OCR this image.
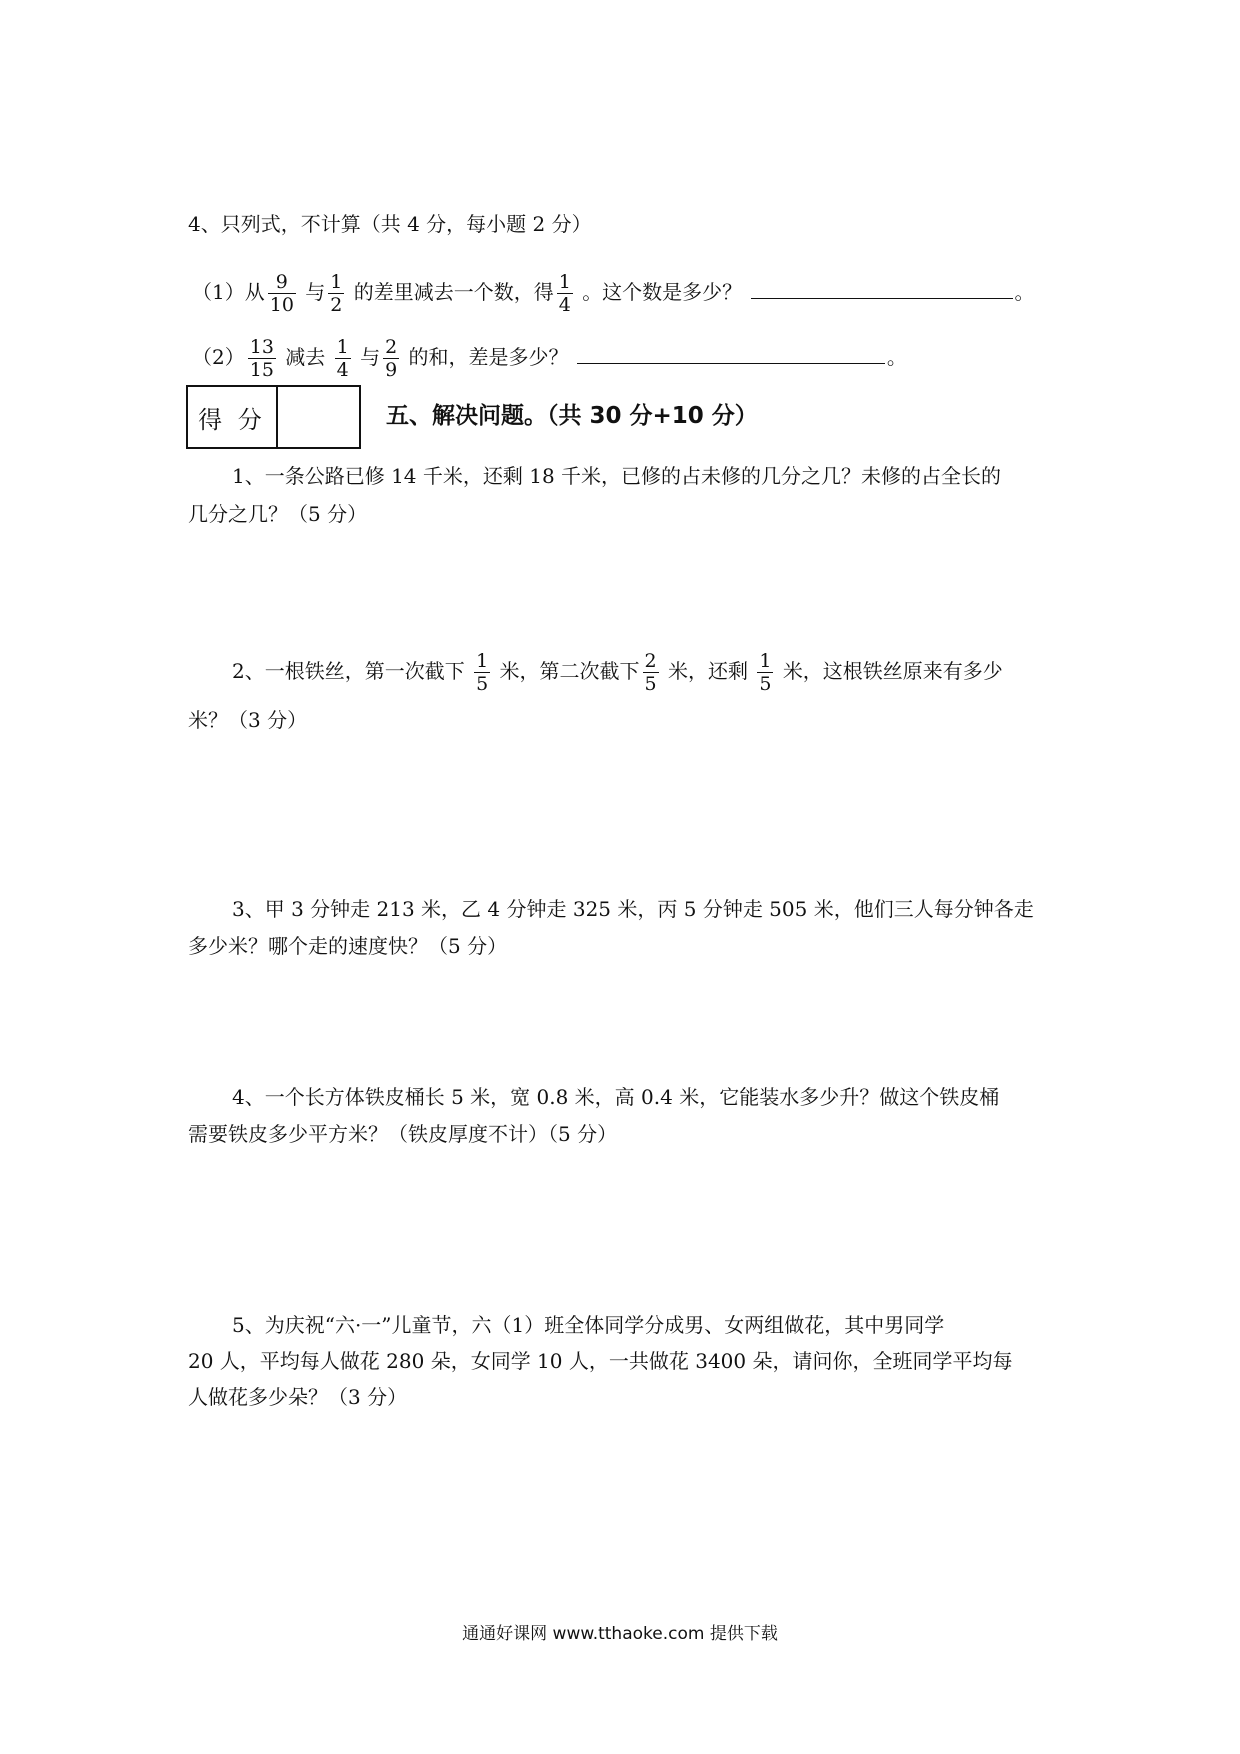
4、只列式，不计算（共 4 分，每小题 2 分）
（1）从 $\frac{9}{10}$ 与 $\frac{1}{2}$ 的差里减去一个数，得 $\frac{1}{4}$ 。这个数是多少？	。
$(2) \frac{13}{15}$ 减去 $\frac{1}{4}$ 与 $\frac{2}{9}$ 的和，差是多少？	。
得 分	五、解决问题。（共 30 分+10 分）
1、一条公路已修 14 千米，还剩 18 千米，已修的占未修的几分之几？未修的占全长的
几分之几？（5 分）
2、一根铁丝，第一次截下 $\frac{1}{5}$ 米，第二次截下 $\frac{2}{5}$ 米，还剩 $\frac{1}{5}$ 米，这根铁丝原来有多少
米？（3 分）
3、甲 3 分钟走 213 米，乙 4 分钟走 325 米，丙 5 分钟走 505 米，他们三人每分钟各走
多少米？哪个走的速度快？（5 分）
4、一个长方体铁皮桶长 5 米，宽 0.8 米，高 0.4 米，它能装水多少升？做这个铁皮桶
需要铁皮多少平方米？（铁皮厚度不计）（5 分）
5、为庆祝“六·一”儿童节，六（1）班全体同学分成男、女两组做花，其中男同学
20 人，平均每人做花 280 朵，女同学 10 人，一共做花 3400 朵，请问你，全班同学平均每
人做花多少朵？（3 分）
通通好课网 www.tthaoke.com 提供下载
